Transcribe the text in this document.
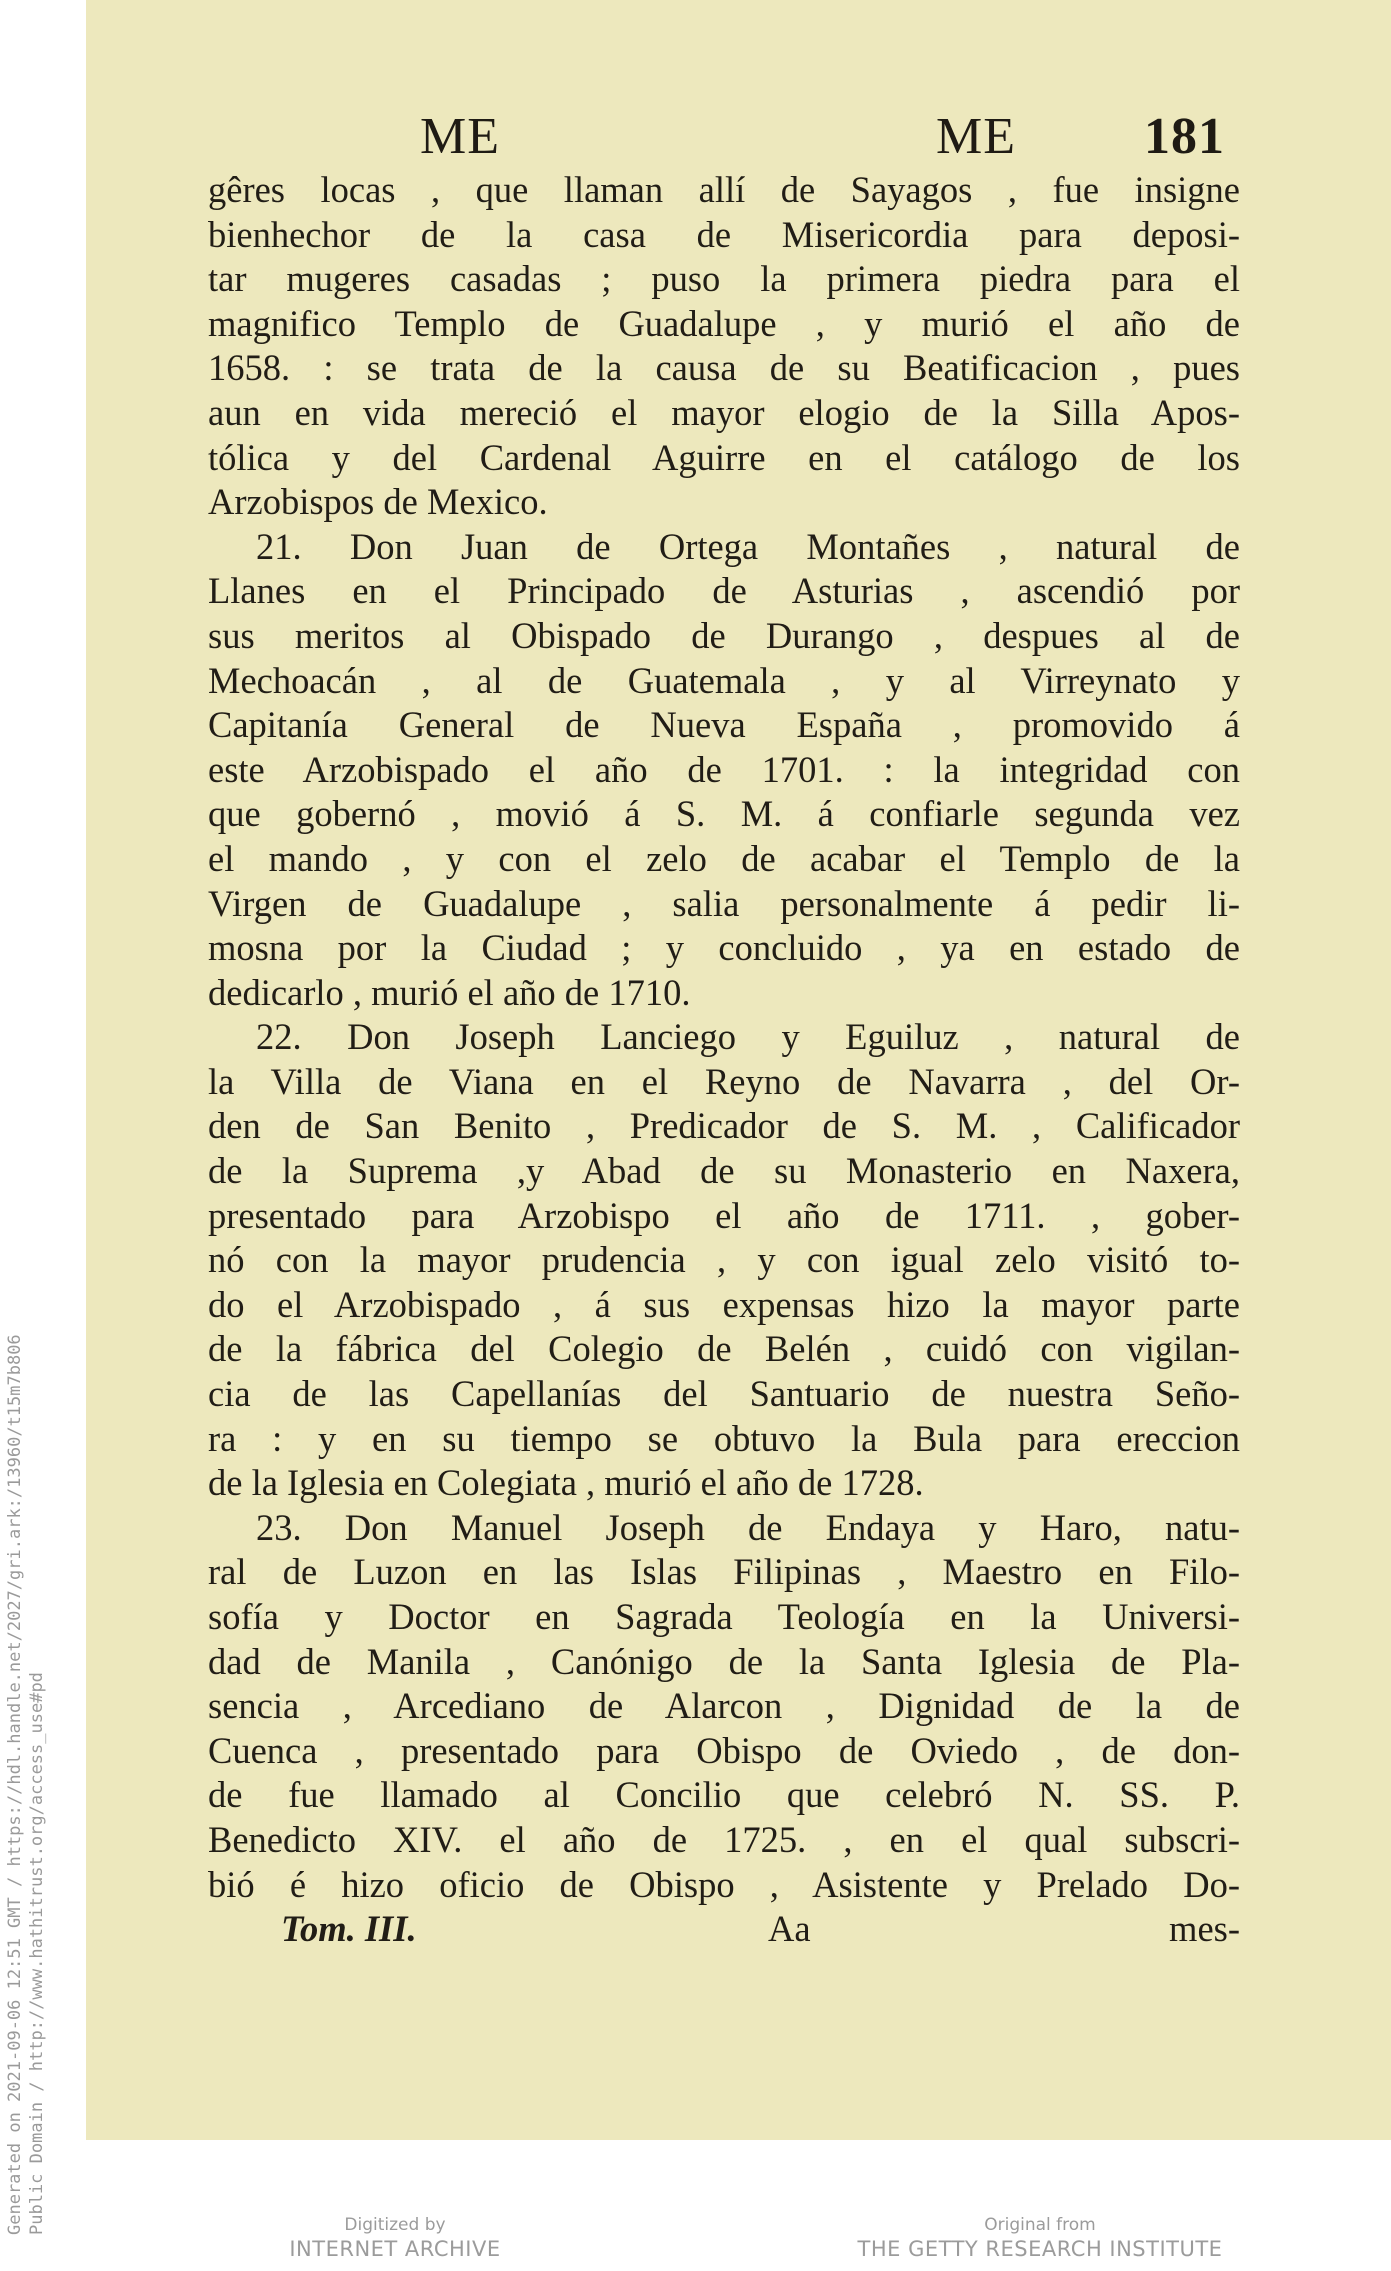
Generated on 2021-09-06 12:51 GMT / https://hdl.handle.net/2027/gri.ark:/13960/t15m7b806 Public Domain / http://www.hathitrust.org/access_use#pd
ME	ME 181
gêres locas , que llaman allí de Sayagos , fue insigne
bienhechor de la casa de Misericordia para deposi-
tar mugeres casadas ; puso la primera piedra para el
magnifico Templo de Guadalupe , y murió el año de
1658. : se trata de la causa de su Beatificacion , pues
aun en vida mereció el mayor elogio de la Silla Apos-
tólica y del Cardenal Aguirre en el catálogo de los
Arzobispos de Mexico.
21. Don Juan de Ortega Montañes , natural de
Llanes en el Principado de Asturias , ascendió por
sus meritos al Obispado de Durango , despues al de
Mechoacán , al de Guatemala , y al Virreynato y
Capitanía General de Nueva España , promovido á
este Arzobispado el año de 1701. : la integridad con
que gobernó , movió á S. M. á confiarle segunda vez
el mando , y con el zelo de acabar el Templo de la
Virgen de Guadalupe , salia personalmente á pedir li-
mosna por la Ciudad ; y concluido , ya en estado de
dedicarlo , murió el año de 1710.
22. Don Joseph Lanciego y Eguiluz , natural de
la Villa de Viana en el Reyno de Navarra , del Or-
den de San Benito , Predicador de S. M. , Calificador
de la Suprema ,y Abad de su Monasterio en Naxera,
presentado para Arzobispo el año de 1711. , gober-
nó con la mayor prudencia , y con igual zelo visitó to-
do el Arzobispado , á sus expensas hizo la mayor parte
de la fábrica del Colegio de Belén , cuidó con vigilan-
cia de las Capellanías del Santuario de nuestra Seño-
ra : y en su tiempo se obtuvo la Bula para ereccion
de la Iglesia en Colegiata , murió el año de 1728.
23. Don Manuel Joseph de Endaya y Haro, natu-
ral de Luzon en las Islas Filipinas , Maestro en Filo-
sofía y Doctor en Sagrada Teología en la Universi-
dad de Manila , Canónigo de la Santa Iglesia de Pla-
sencia , Arcediano de Alarcon , Dignidad de la de
Cuenca , presentado para Obispo de Oviedo , de don-
de fue llamado al Concilio que celebró N. SS. P.
Benedicto XIV. el año de 1725. , en el qual subscri-
bió é hizo oficio de Obispo , Asistente y Prelado Do-
Tom. III.	Aa	mes-
Digitized by
INTERNET ARCHIVE
Original from
THE GETTY RESEARCH INSTITUTE
